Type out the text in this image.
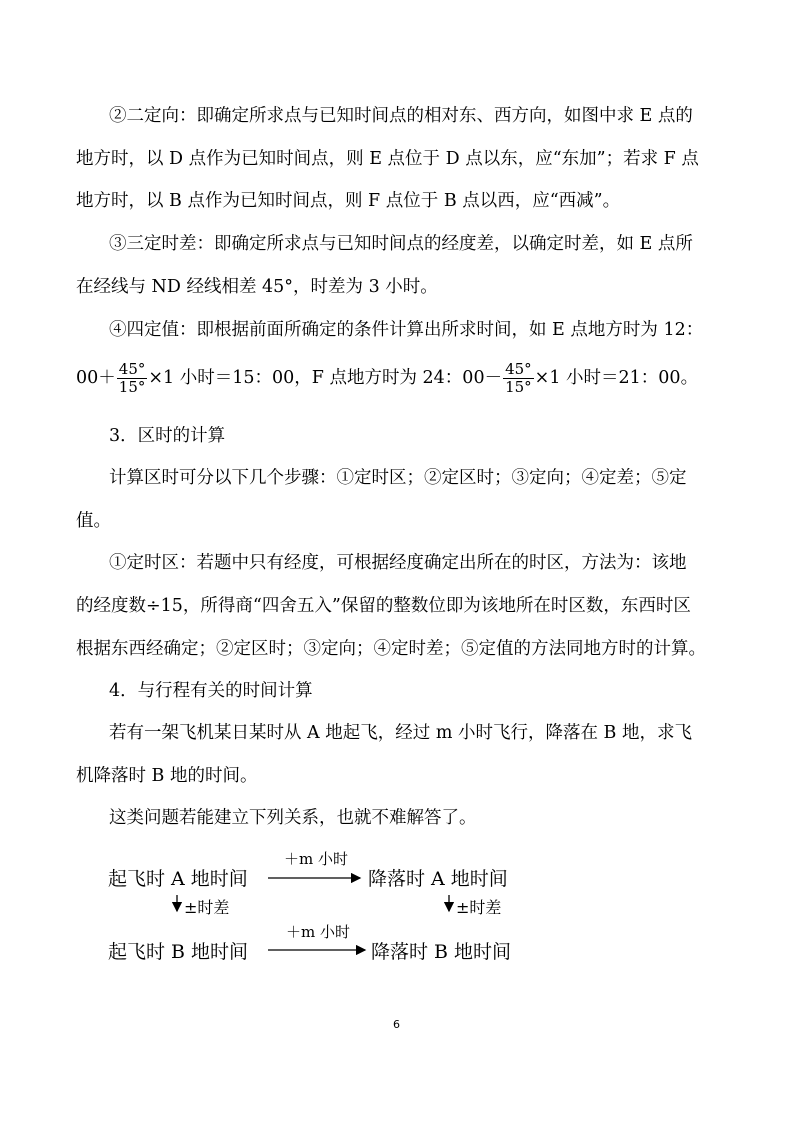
②二定向：即确定所求点与已知时间点的相对东、西方向，如图中求 E 点的
地方时，以 D 点作为已知时间点，则 E 点位于 D 点以东，应“东加”；若求 F 点
地方时，以 B 点作为已知时间点，则 F 点位于 B 点以西，应“西减”。
③三定时差：即确定所求点与已知时间点的经度差，以确定时差，如 E 点所
在经线与 ND 经线相差 45°，时差为 3 小时。
④四定值：即根据前面所确定的条件计算出所求时间，如 E 点地方时为 12：
$00+ \frac{45^\circ}{15^\circ} \times 1$ 小时＝15：00，F 点地方时为 24：$00- \frac{45^\circ}{15^\circ} \times 1$ 小时＝21：00。
3．区时的计算
计算区时可分以下几个步骤：①定时区；②定区时；③定向；④定差；⑤定
值。
①定时区：若题中只有经度，可根据经度确定出所在的时区，方法为：该地
的经度数÷15，所得商“四舍五入”保留的整数位即为该地所在时区数，东西时区
根据东西经确定；②定区时；③定向；④定时差；⑤定值的方法同地方时的计算。
4．与行程有关的时间计算
若有一架飞机某日某时从 A 地起飞，经过 m 小时飞行，降落在 B 地，求飞
机降落时 B 地的时间。
这类问题若能建立下列关系，也就不难解答了。
起飞时 A 地时间
＋m 小时
降落时 A 地时间
±时差	±时差
起飞时 B 地时间
＋m 小时
降落时 B 地时间
6
